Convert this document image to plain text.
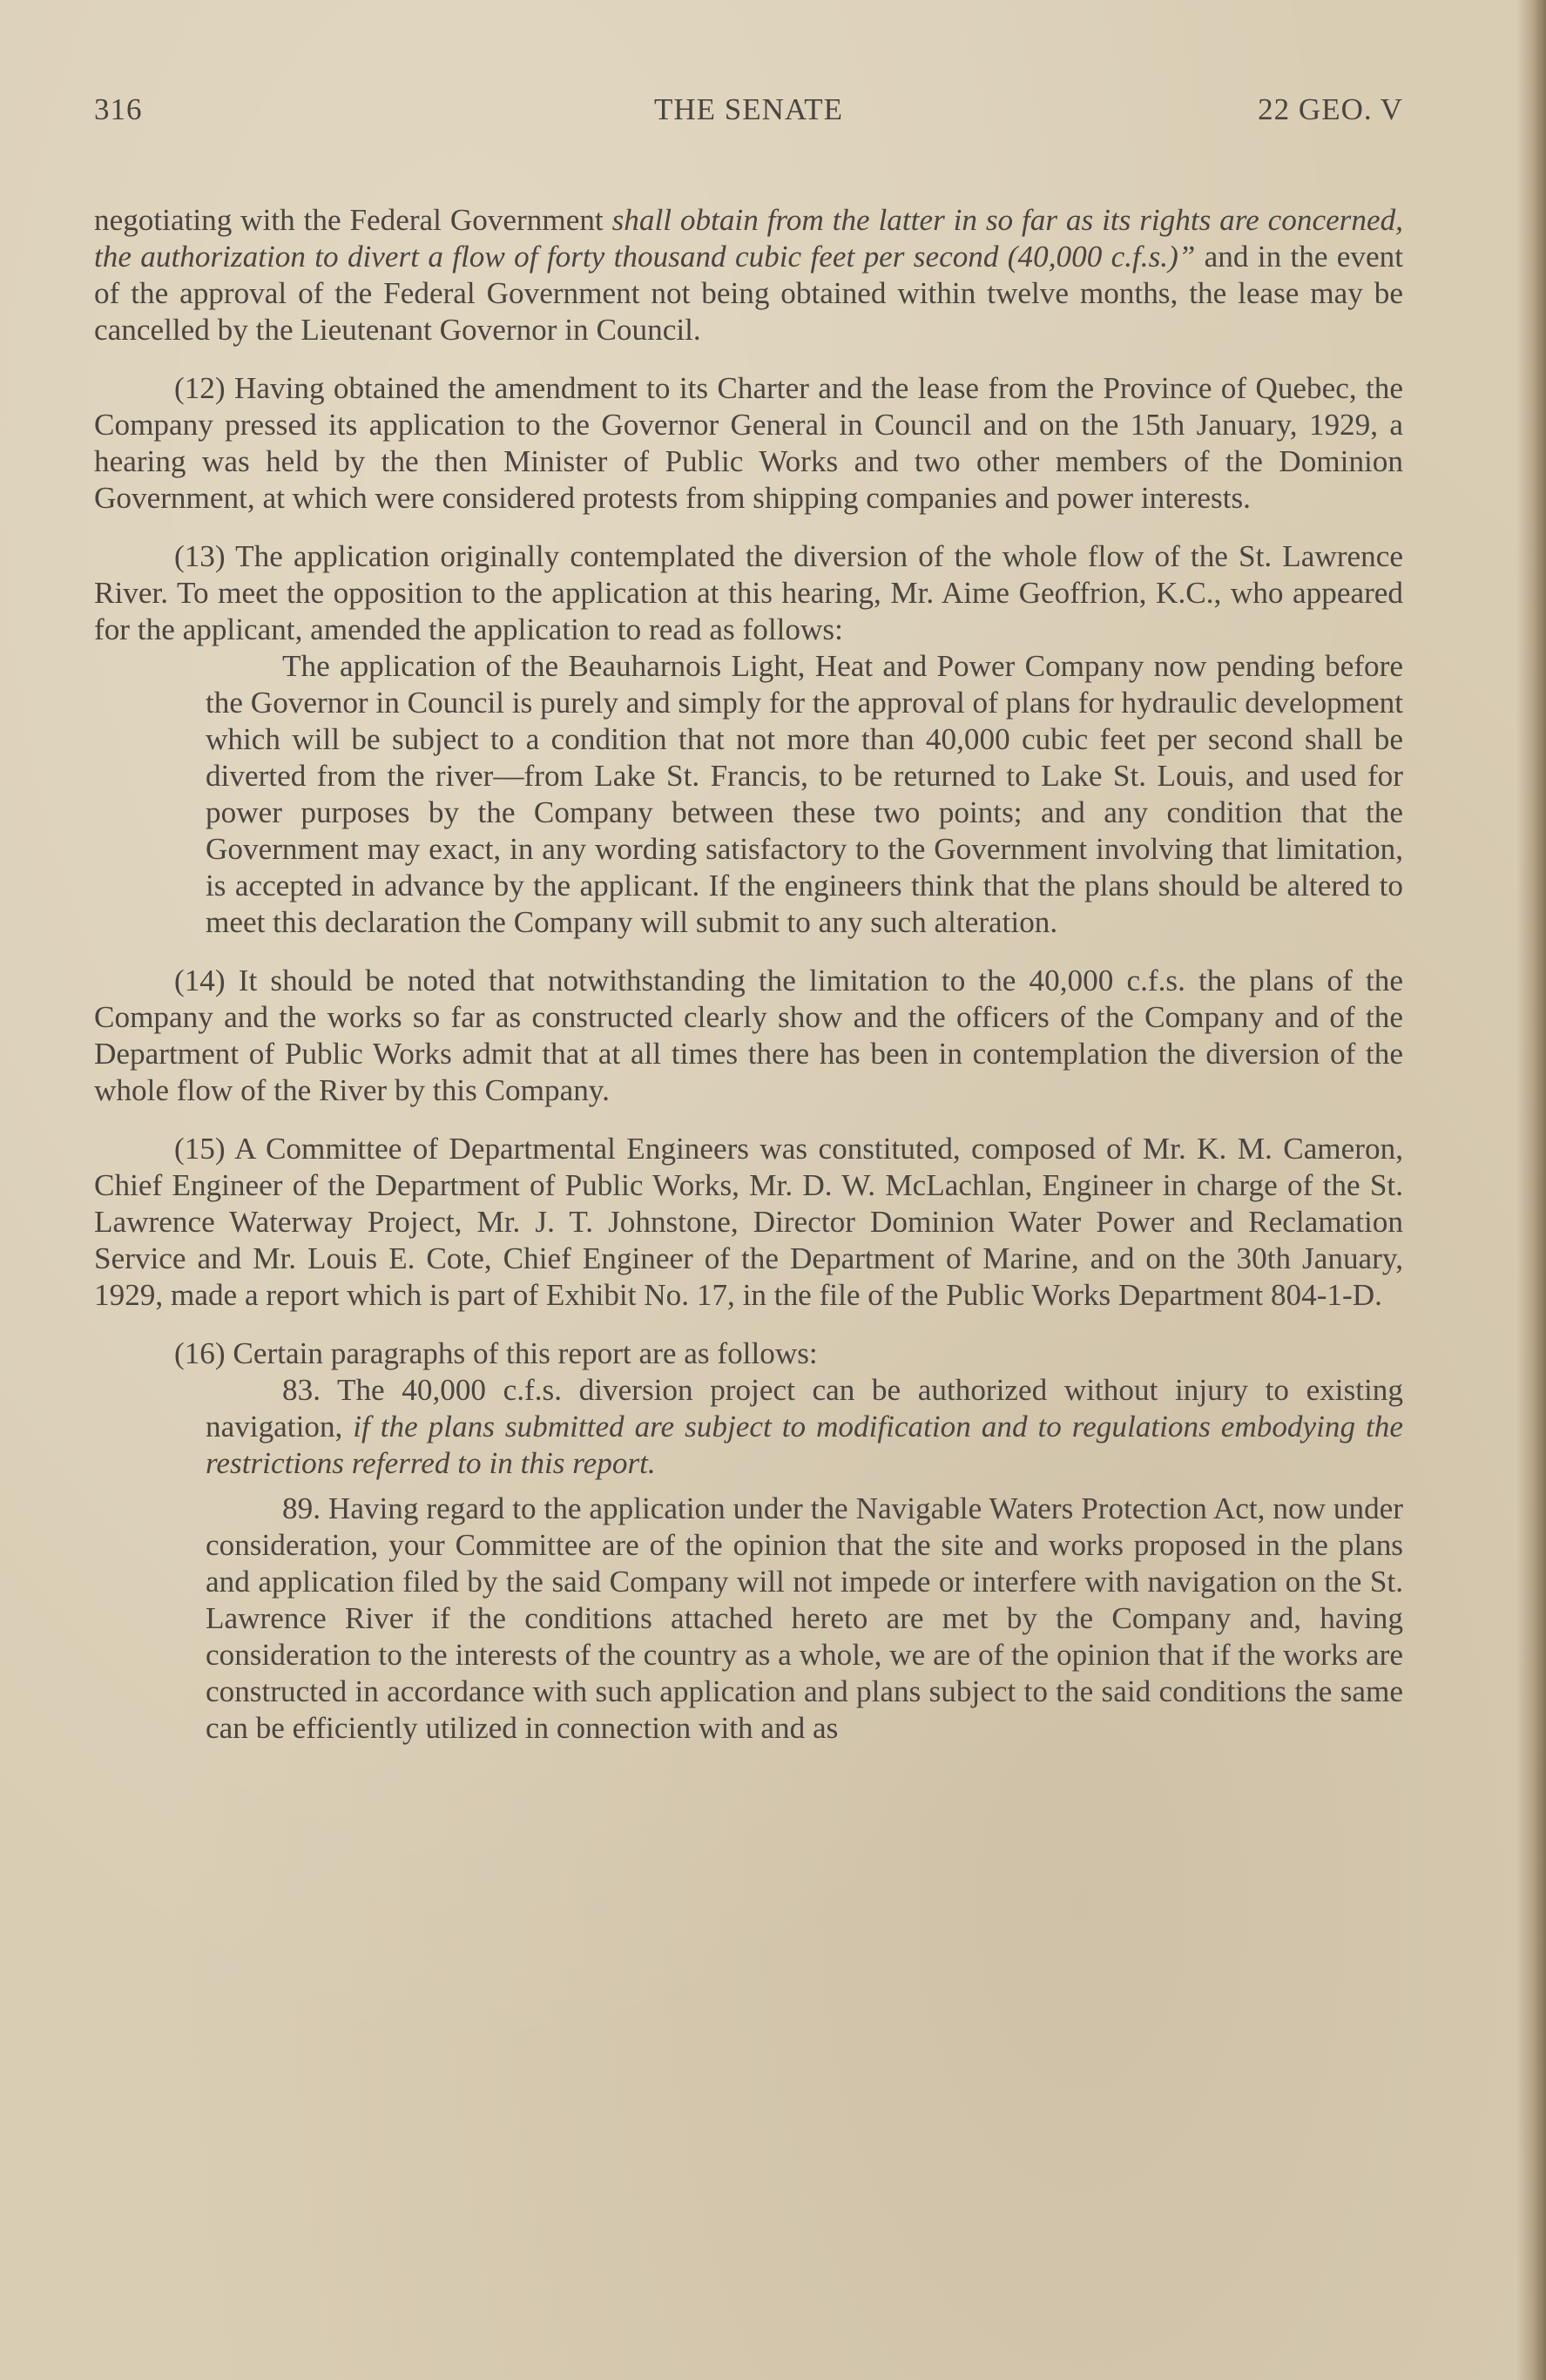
316	THE SENATE	22 GEO. V

negotiating with the Federal Government shall obtain from the latter in so far as its rights are concerned, the authorization to divert a flow of forty thousand cubic feet per second (40,000 c.f.s.)” and in the event of the approval of the Federal Government not being obtained within twelve months, the lease may be cancelled by the Lieutenant Governor in Council.

(12) Having obtained the amendment to its Charter and the lease from the Province of Quebec, the Company pressed its application to the Governor General in Council and on the 15th January, 1929, a hearing was held by the then Minister of Public Works and two other members of the Dominion Government, at which were considered protests from shipping companies and power interests.

(13) The application originally contemplated the diversion of the whole flow of the St. Lawrence River. To meet the opposition to the application at this hearing, Mr. Aime Geoffrion, K.C., who appeared for the applicant, amended the application to read as follows:

The application of the Beauharnois Light, Heat and Power Company now pending before the Governor in Council is purely and simply for the approval of plans for hydraulic development which will be subject to a condition that not more than 40,000 cubic feet per second shall be diverted from the river—from Lake St. Francis, to be returned to Lake St. Louis, and used for power purposes by the Company between these two points; and any condition that the Government may exact, in any wording satisfactory to the Government involving that limitation, is accepted in advance by the applicant. If the engineers think that the plans should be altered to meet this declaration the Company will submit to any such alteration.

(14) It should be noted that notwithstanding the limitation to the 40,000 c.f.s. the plans of the Company and the works so far as constructed clearly show and the officers of the Company and of the Department of Public Works admit that at all times there has been in contemplation the diversion of the whole flow of the River by this Company.

(15) A Committee of Departmental Engineers was constituted, composed of Mr. K. M. Cameron, Chief Engineer of the Department of Public Works, Mr. D. W. McLachlan, Engineer in charge of the St. Lawrence Waterway Project, Mr. J. T. Johnstone, Director Dominion Water Power and Reclamation Service and Mr. Louis E. Cote, Chief Engineer of the Department of Marine, and on the 30th January, 1929, made a report which is part of Exhibit No. 17, in the file of the Public Works Department 804-1-D.

(16) Certain paragraphs of this report are as follows:

83. The 40,000 c.f.s. diversion project can be authorized without injury to existing navigation, if the plans submitted are subject to modification and to regulations embodying the restrictions referred to in this report.

89. Having regard to the application under the Navigable Waters Protection Act, now under consideration, your Committee are of the opinion that the site and works proposed in the plans and application filed by the said Company will not impede or interfere with navigation on the St. Lawrence River if the conditions attached hereto are met by the Company and, having consideration to the interests of the country as a whole, we are of the opinion that if the works are constructed in accordance with such application and plans subject to the said conditions the same can be efficiently utilized in connection with and as
